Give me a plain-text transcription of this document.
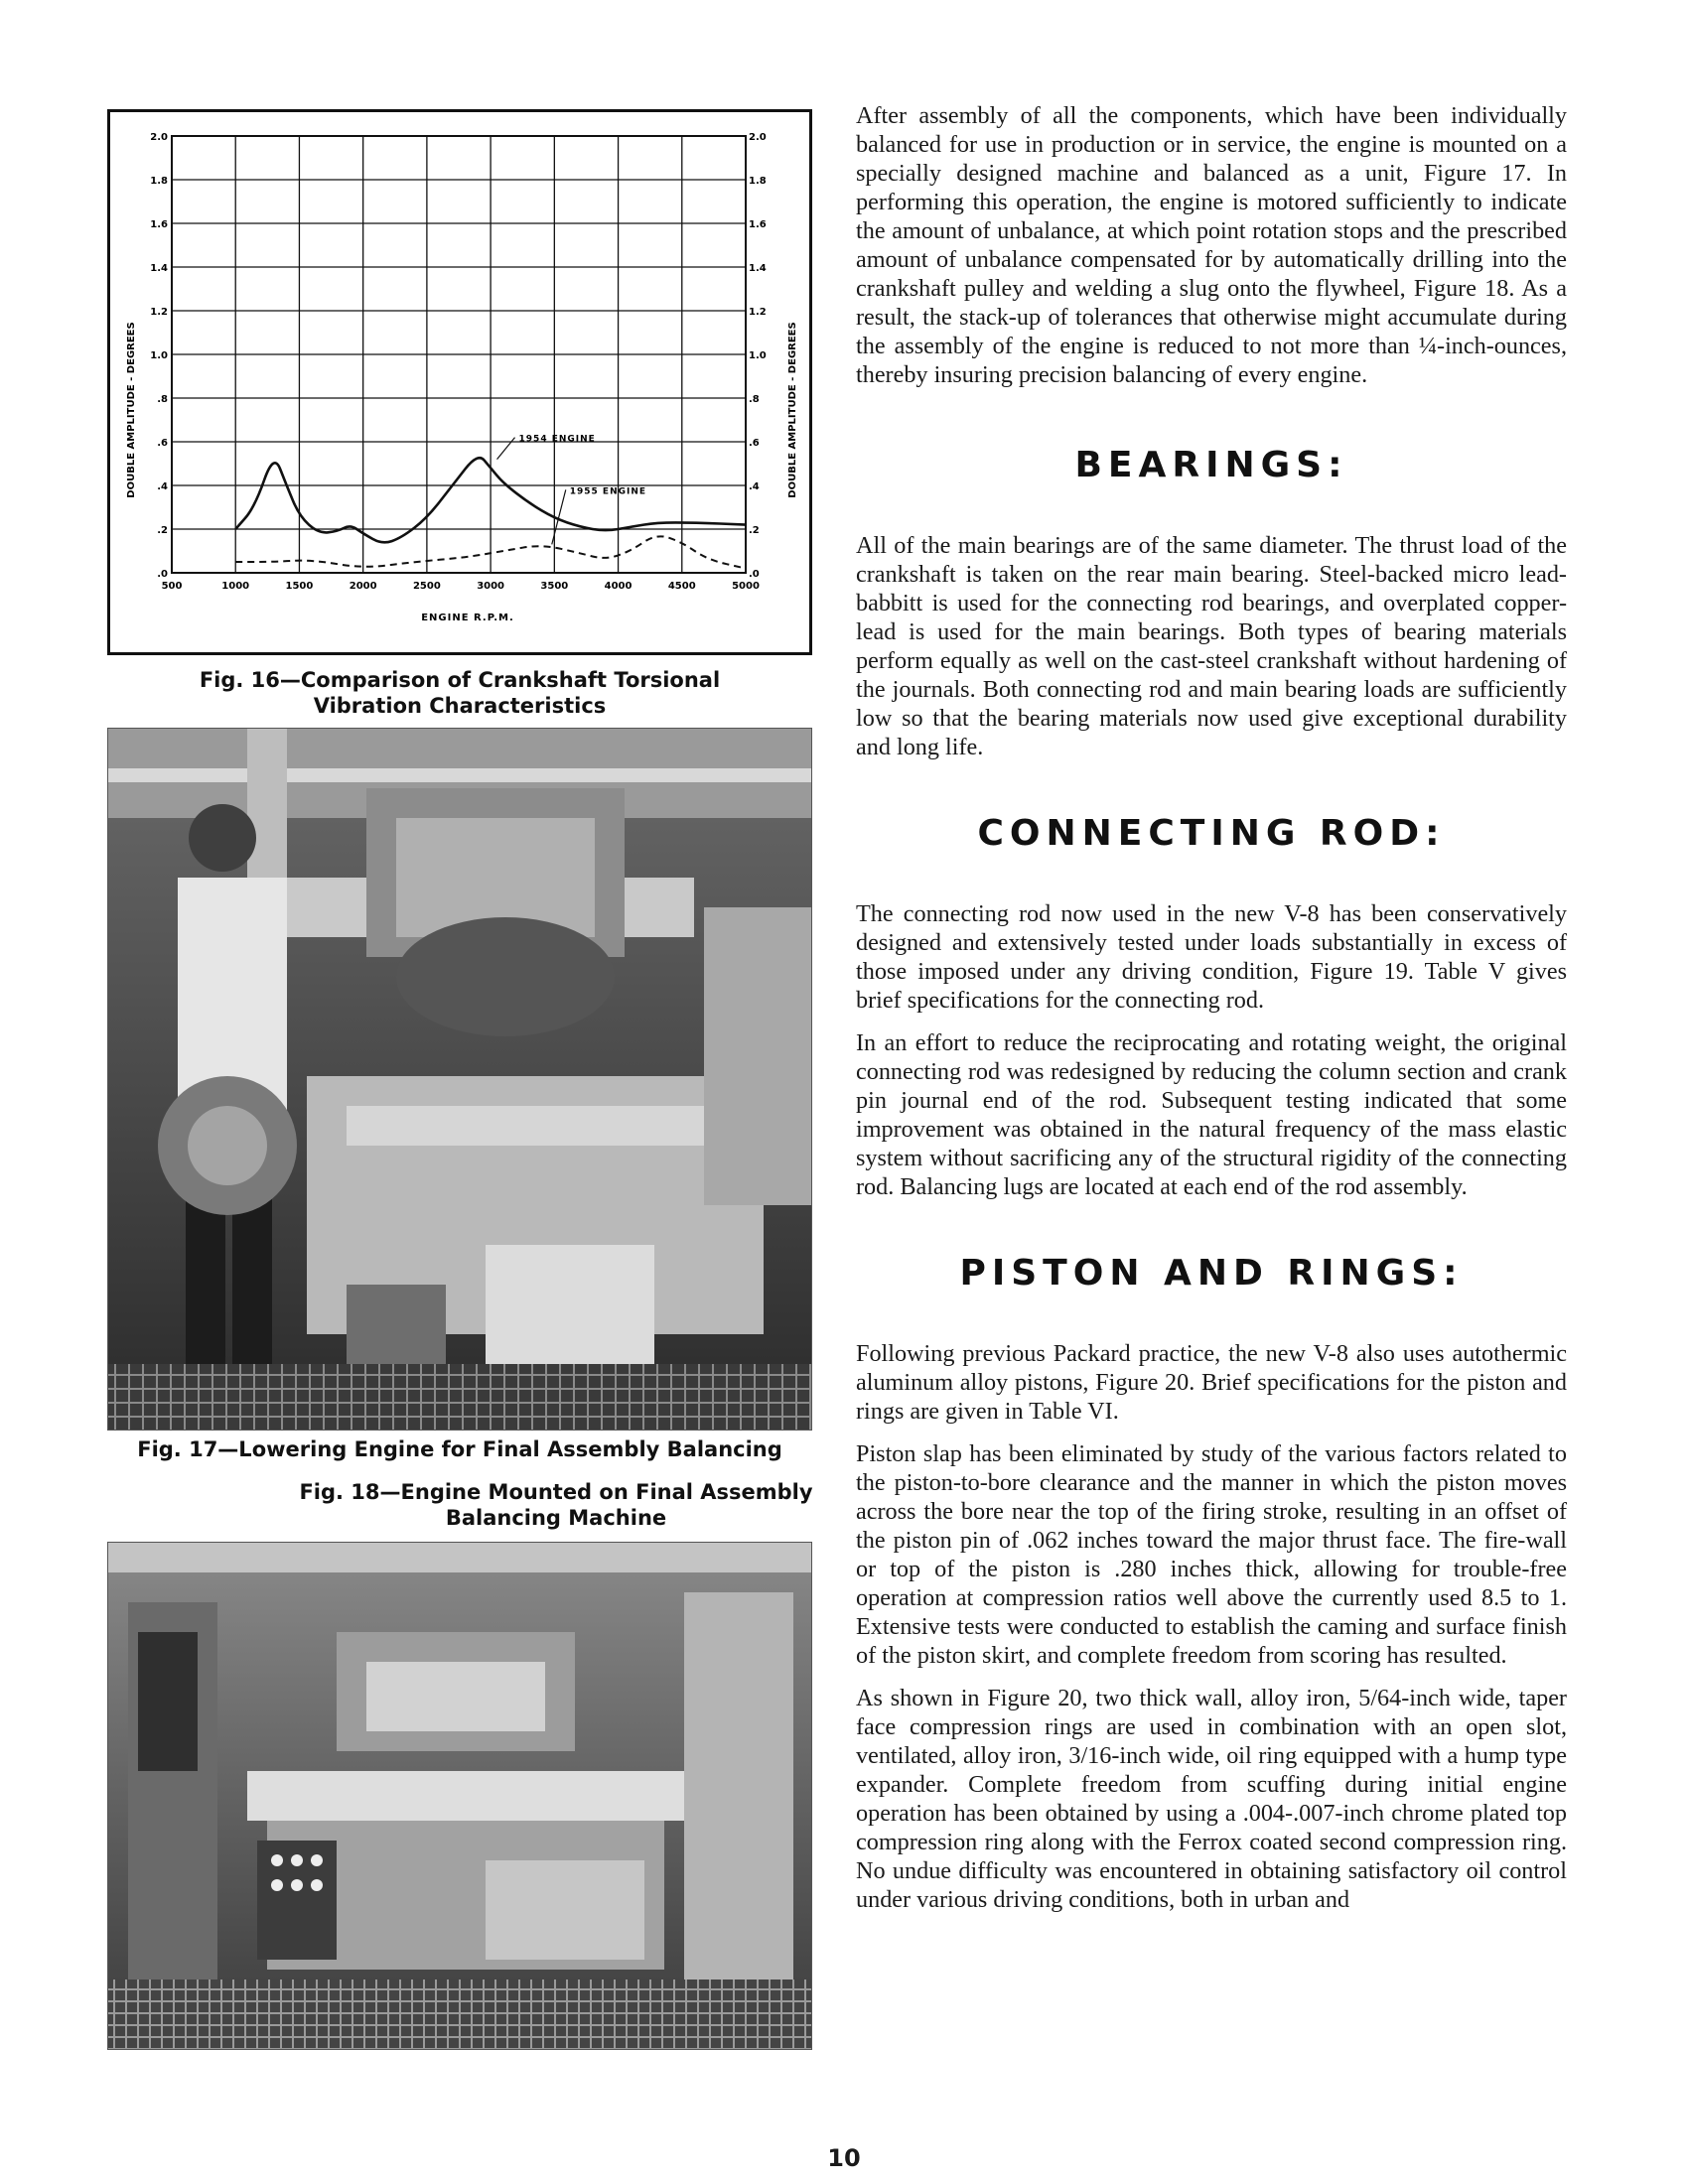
.0
.2
.4
.6
.8
1.0
1.2
1.4
1.6
1.8
2.0
.0
.2
.4
.6
.8
1.0
1.2
1.4
1.6
1.8
2.0
500	1000	1500	2000	2500	3000	3500	4000	4500	5000
DOUBLE AMPLITUDE - DEGREES	DOUBLE AMPLITUDE - DEGREES
ENGINE R.P.M.
1954 ENGINE
1955 ENGINE
Fig. 16—Comparison of Crankshaft Torsional
Vibration Characteristics
Fig. 17—Lowering Engine for Final Assembly Balancing
Fig. 18—Engine Mounted on Final Assembly
Balancing Machine

After assembly of all the components, which have been individually balanced for use in production or in service, the engine is mounted on a specially designed machine and balanced as a unit, Figure 17. In performing this operation, the engine is motored sufficiently to indicate the amount of unbalance, at which point rotation stops and the prescribed amount of unbalance compensated for by automatically drilling into the crankshaft pulley and welding a slug onto the flywheel, Figure 18. As a result, the stack-up of tolerances that otherwise might accumulate during the assembly of the engine is reduced to not more than ¼-inch-ounces, thereby insuring precision balancing of every engine.

BEARINGS:

All of the main bearings are of the same diameter. The thrust load of the crankshaft is taken on the rear main bearing. Steel-backed micro lead-babbitt is used for the connecting rod bearings, and overplated copper-lead is used for the main bearings. Both types of bearing materials perform equally as well on the cast-steel crankshaft without hardening of the journals. Both connecting rod and main bearing loads are sufficiently low so that the bearing materials now used give exceptional durability and long life.

CONNECTING ROD:

The connecting rod now used in the new V-8 has been conservatively designed and extensively tested under loads substantially in excess of those imposed under any driving condition, Figure 19. Table V gives brief specifications for the connecting rod.

In an effort to reduce the reciprocating and rotating weight, the original connecting rod was redesigned by reducing the column section and crank pin journal end of the rod. Subsequent testing indicated that some improvement was obtained in the natural frequency of the mass elastic system without sacrificing any of the structural rigidity of the connecting rod. Balancing lugs are located at each end of the rod assembly.

PISTON AND RINGS:

Following previous Packard practice, the new V-8 also uses autothermic aluminum alloy pistons, Figure 20. Brief specifications for the piston and rings are given in Table VI.

Piston slap has been eliminated by study of the various factors related to the piston-to-bore clearance and the manner in which the piston moves across the bore near the top of the firing stroke, resulting in an offset of the piston pin of .062 inches toward the major thrust face. The fire-wall or top of the piston is .280 inches thick, allowing for trouble-free operation at compression ratios well above the currently used 8.5 to 1. Extensive tests were conducted to establish the caming and surface finish of the piston skirt, and complete freedom from scoring has resulted.

As shown in Figure 20, two thick wall, alloy iron, 5/64-inch wide, taper face compression rings are used in combination with an open slot, ventilated, alloy iron, 3/16-inch wide, oil ring equipped with a hump type expander. Complete freedom from scuffing during initial engine operation has been obtained by using a .004-.007-inch chrome plated top compression ring along with the Ferrox coated second compression ring. No undue difficulty was encountered in obtaining satisfactory oil control under various driving conditions, both in urban and

10
